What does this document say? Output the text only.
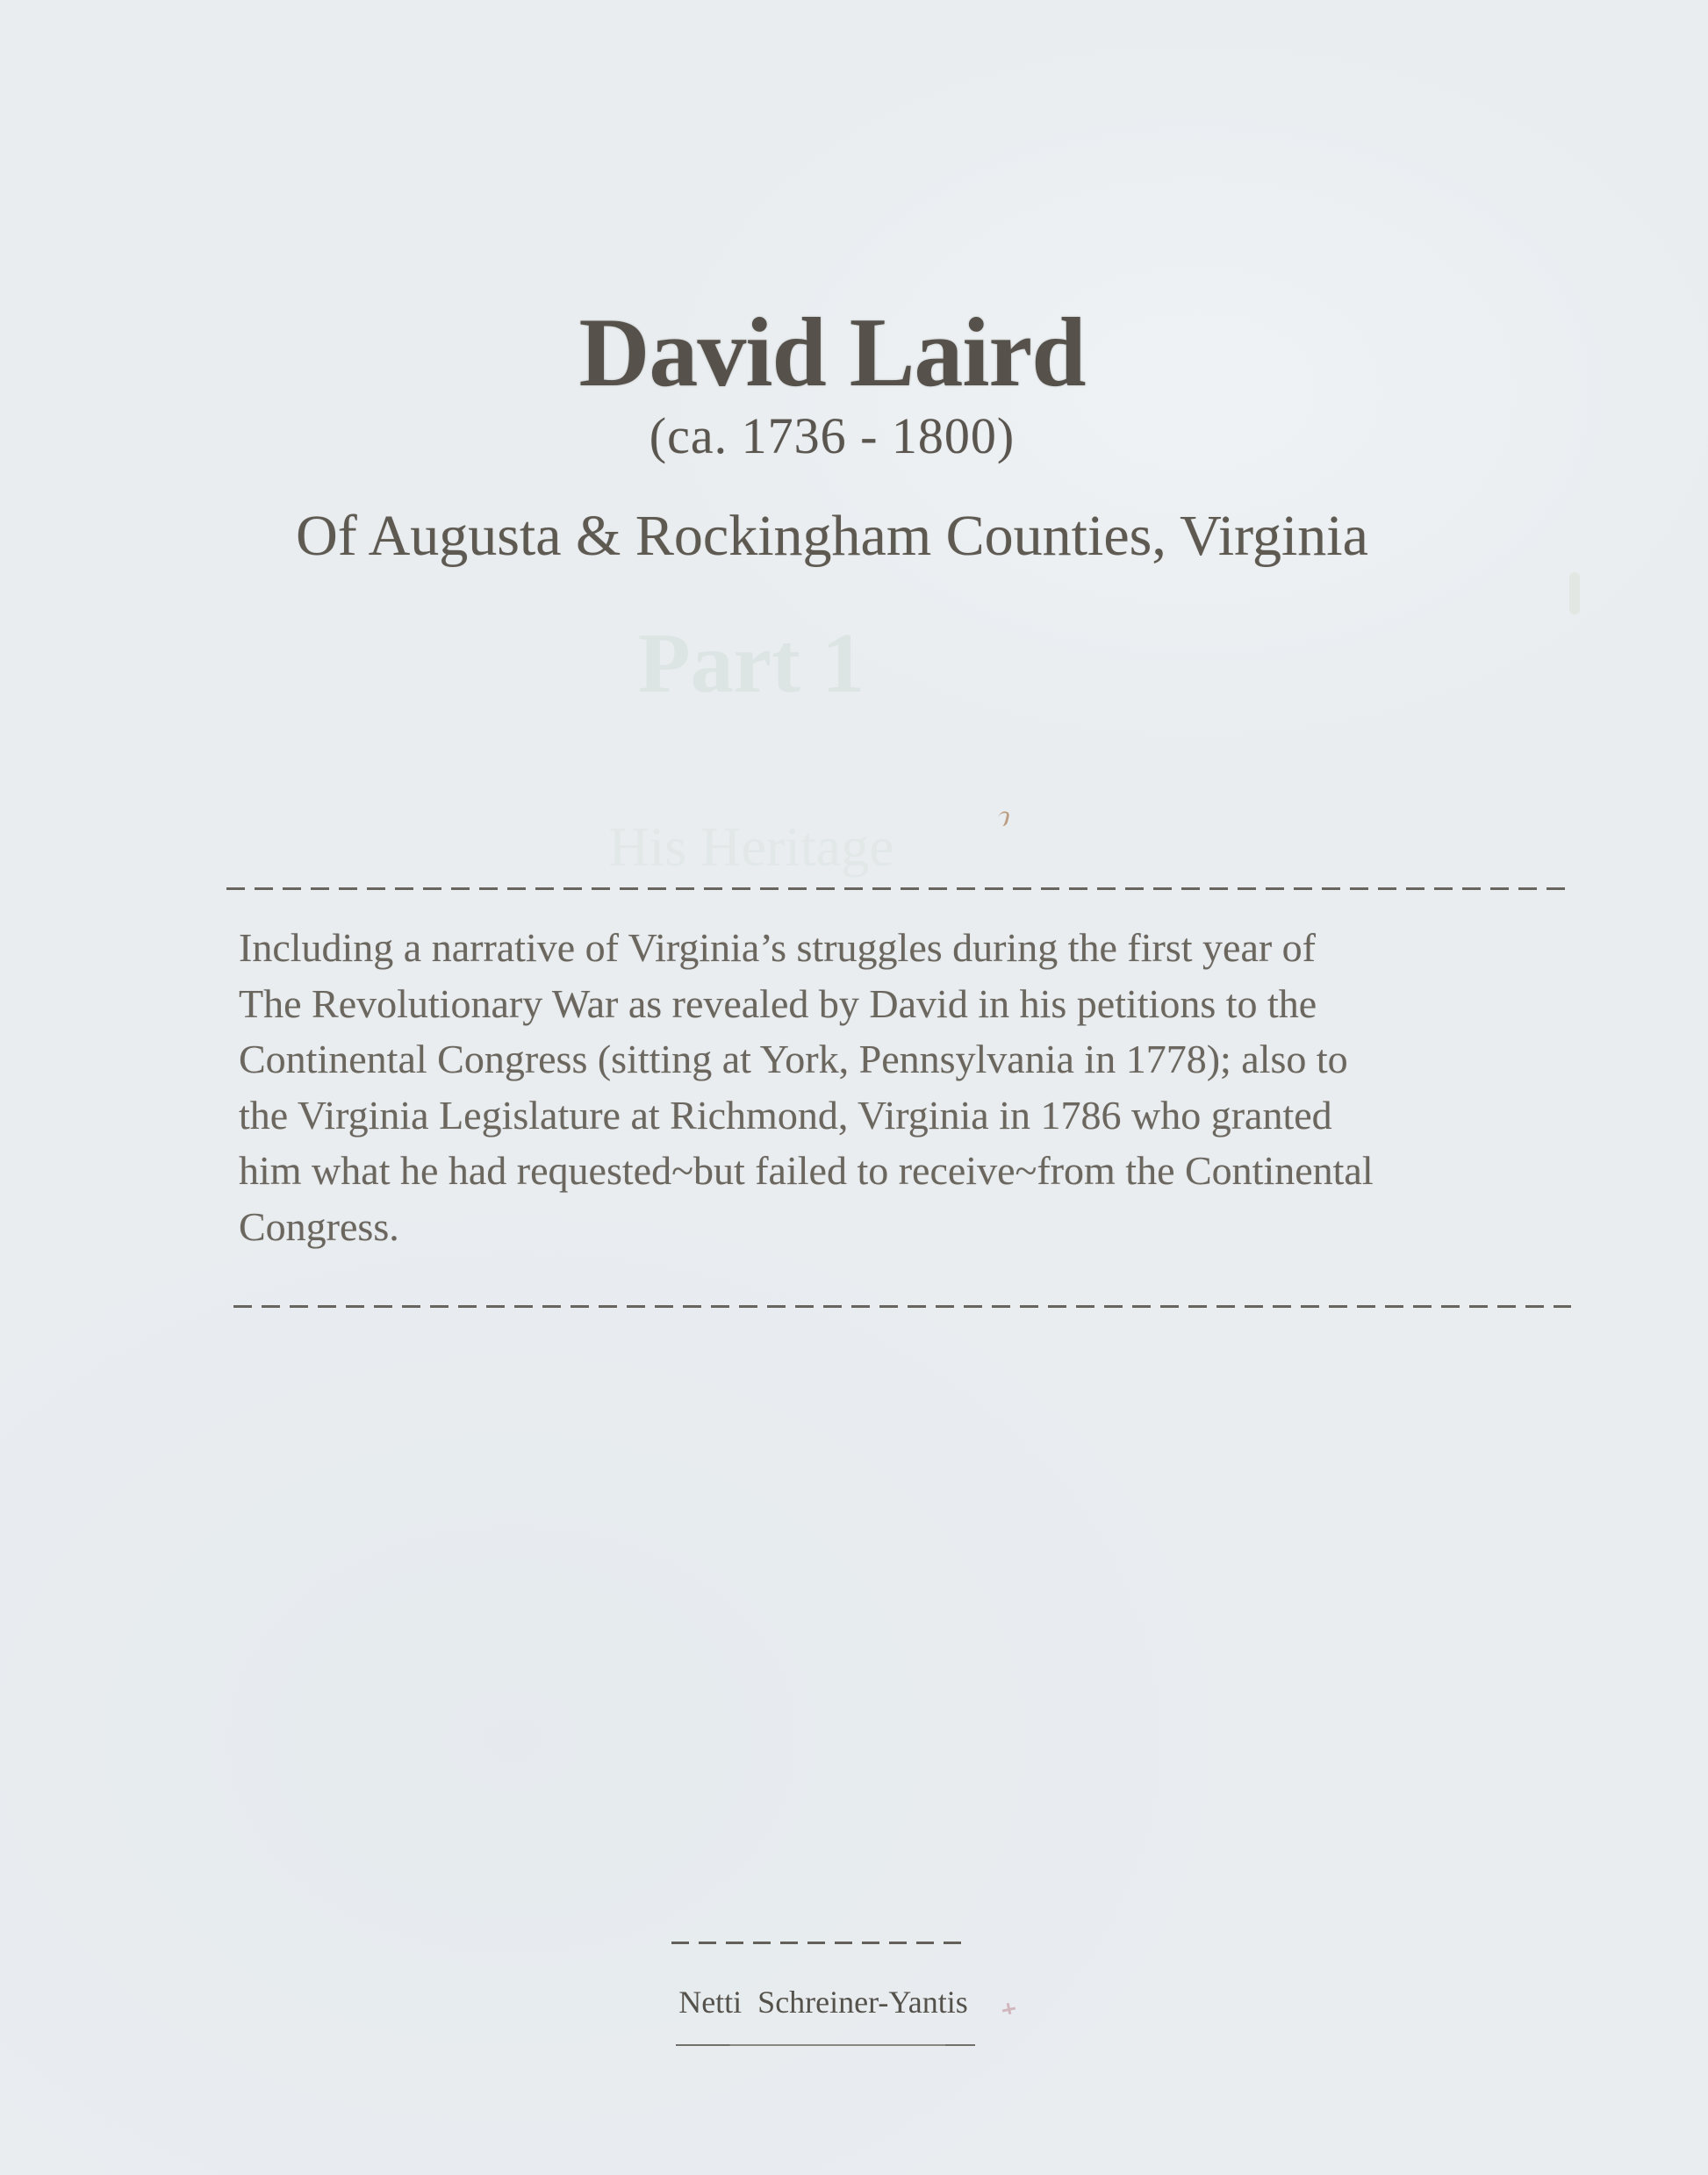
David Laird
(ca. 1736 - 1800)
Of Augusta & Rockingham Counties, Virginia
Part 1
His Heritage
Including a narrative of Virginia’s struggles during the first year of
The Revolutionary War as revealed by David in his petitions to the
Continental Congress (sitting at York, Pennsylvania in 1778); also to
the Virginia Legislature at Richmond, Virginia in 1786 who granted
him what he had requested~but failed to receive~from the Continental
Congress.
Netti  Schreiner-Yantis
